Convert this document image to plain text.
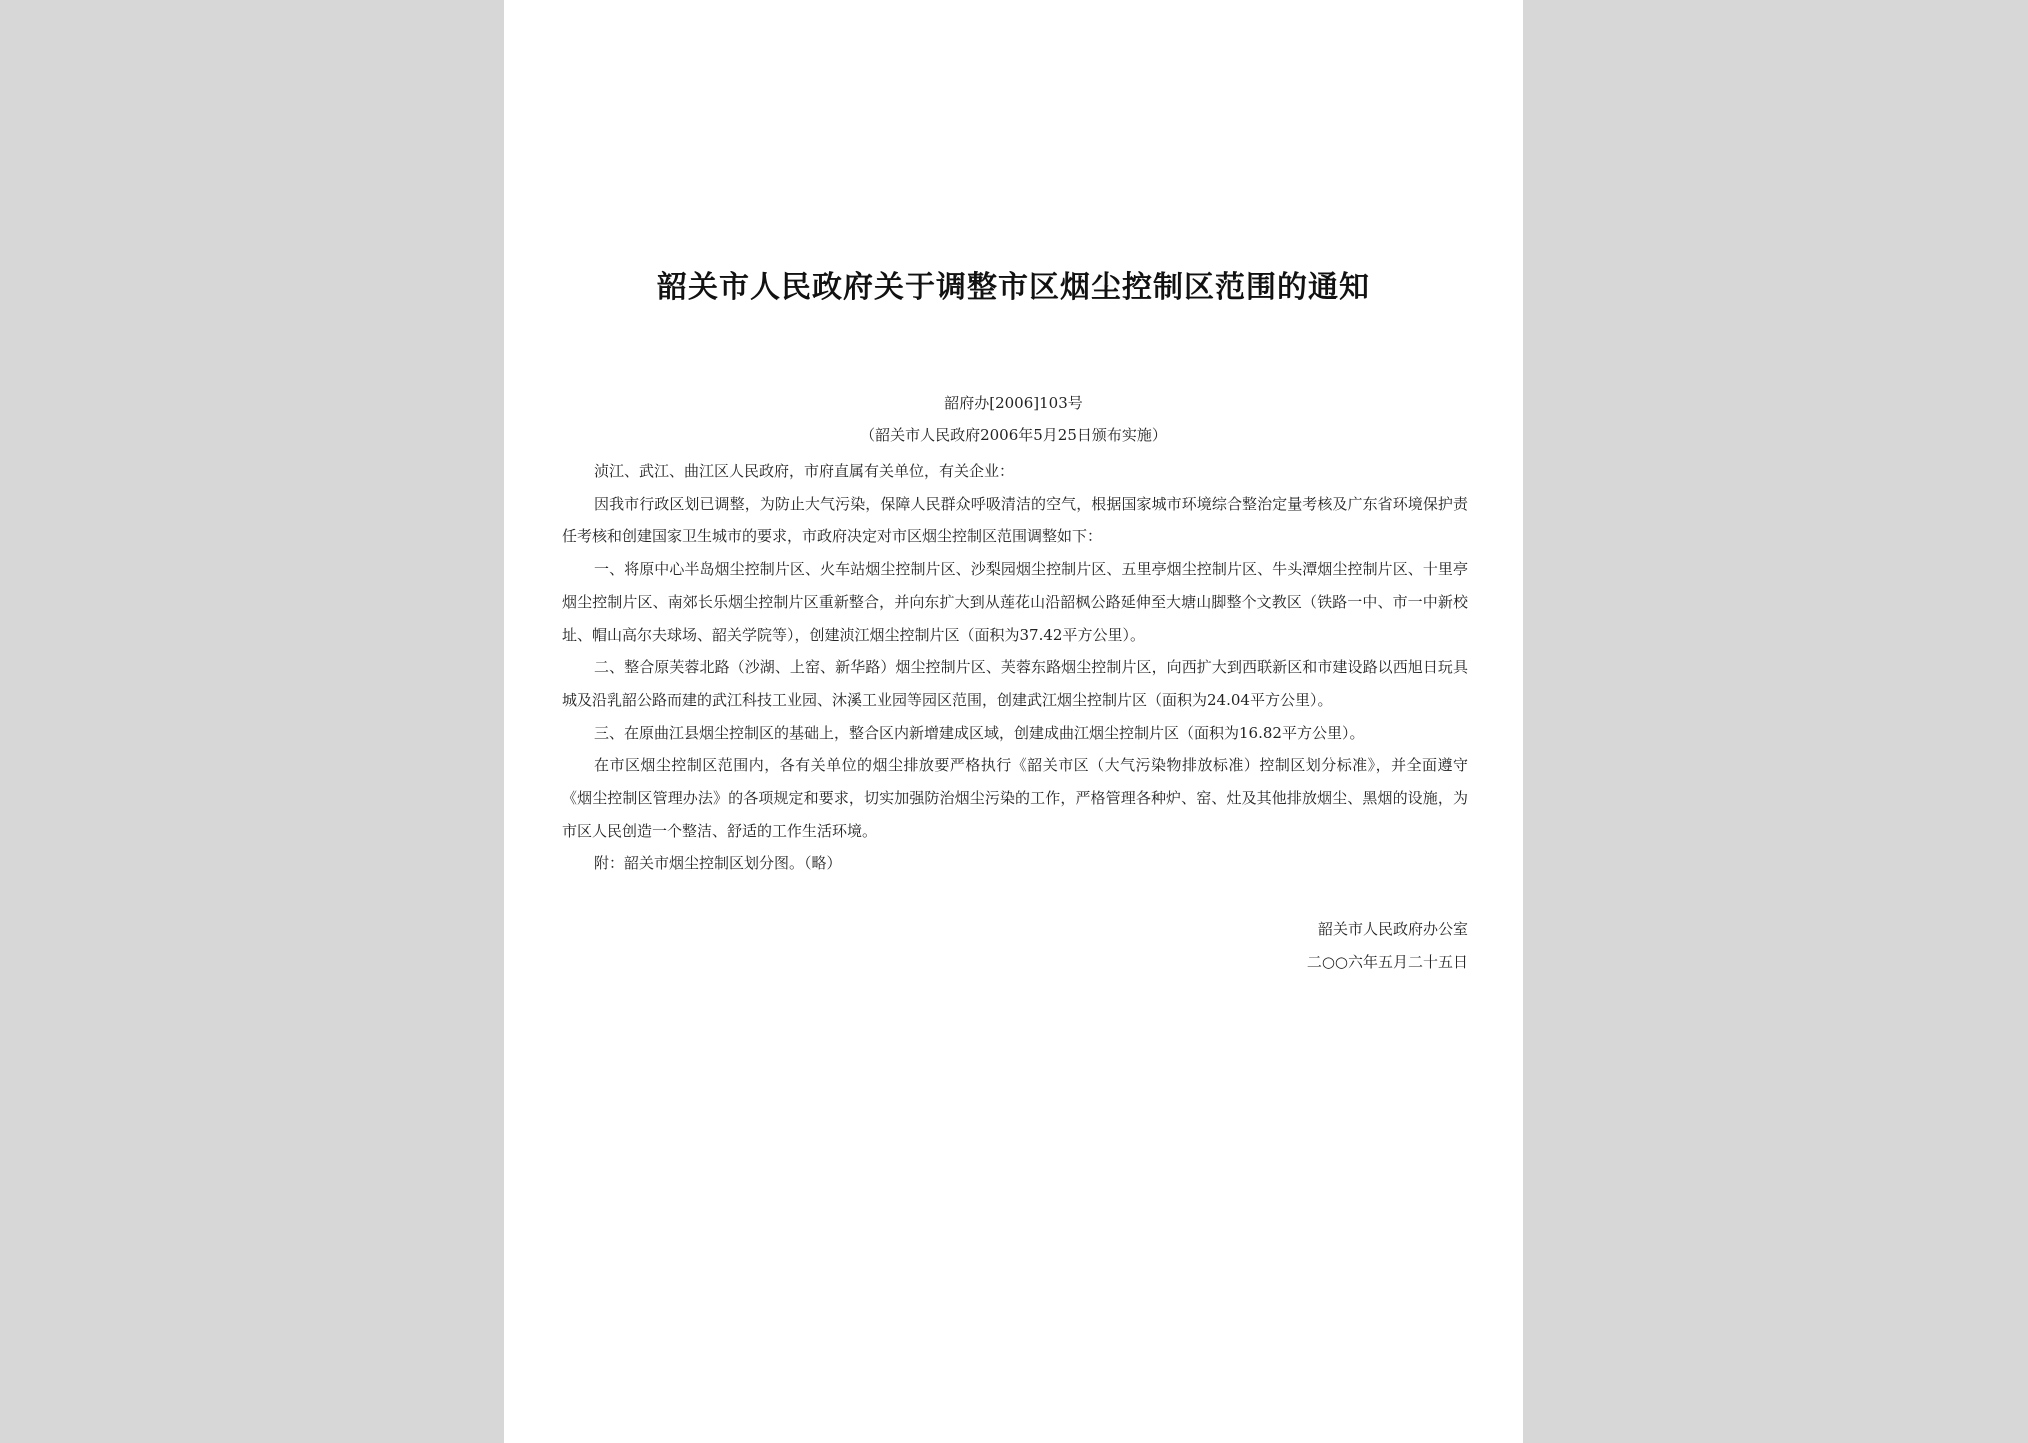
韶关市人民政府关于调整市区烟尘控制区范围的通知
韶府办[2006]103号
（韶关市人民政府2006年5月25日颁布实施）

浈江、武江、曲江区人民政府，市府直属有关单位，有关企业：

因我市行政区划已调整，为防止大气污染，保障人民群众呼吸清洁的空气，根据国家城市环境综合整治定量考核及广东省环境保护责任考核和创建国家卫生城市的要求，市政府决定对市区烟尘控制区范围调整如下：

一、将原中心半岛烟尘控制片区、火车站烟尘控制片区、沙梨园烟尘控制片区、五里亭烟尘控制片区、牛头潭烟尘控制片区、十里亭烟尘控制片区、南郊长乐烟尘控制片区重新整合，并向东扩大到从莲花山沿韶枫公路延伸至大塘山脚整个文教区（铁路一中、市一中新校址、帽山高尔夫球场、韶关学院等），创建浈江烟尘控制片区（面积为37.42平方公里）。

二、整合原芙蓉北路（沙湖、上窑、新华路）烟尘控制片区、芙蓉东路烟尘控制片区，向西扩大到西联新区和市建设路以西旭日玩具城及沿乳韶公路而建的武江科技工业园、沐溪工业园等园区范围，创建武江烟尘控制片区（面积为24.04平方公里）。

三、在原曲江县烟尘控制区的基础上，整合区内新增建成区域，创建成曲江烟尘控制片区（面积为16.82平方公里）。

在市区烟尘控制区范围内，各有关单位的烟尘排放要严格执行《韶关市区（大气污染物排放标准）控制区划分标准》，并全面遵守《烟尘控制区管理办法》的各项规定和要求，切实加强防治烟尘污染的工作，严格管理各种炉、窑、灶及其他排放烟尘、黑烟的设施，为市区人民创造一个整洁、舒适的工作生活环境。

附：韶关市烟尘控制区划分图。（略）

韶关市人民政府办公室
二○○六年五月二十五日
